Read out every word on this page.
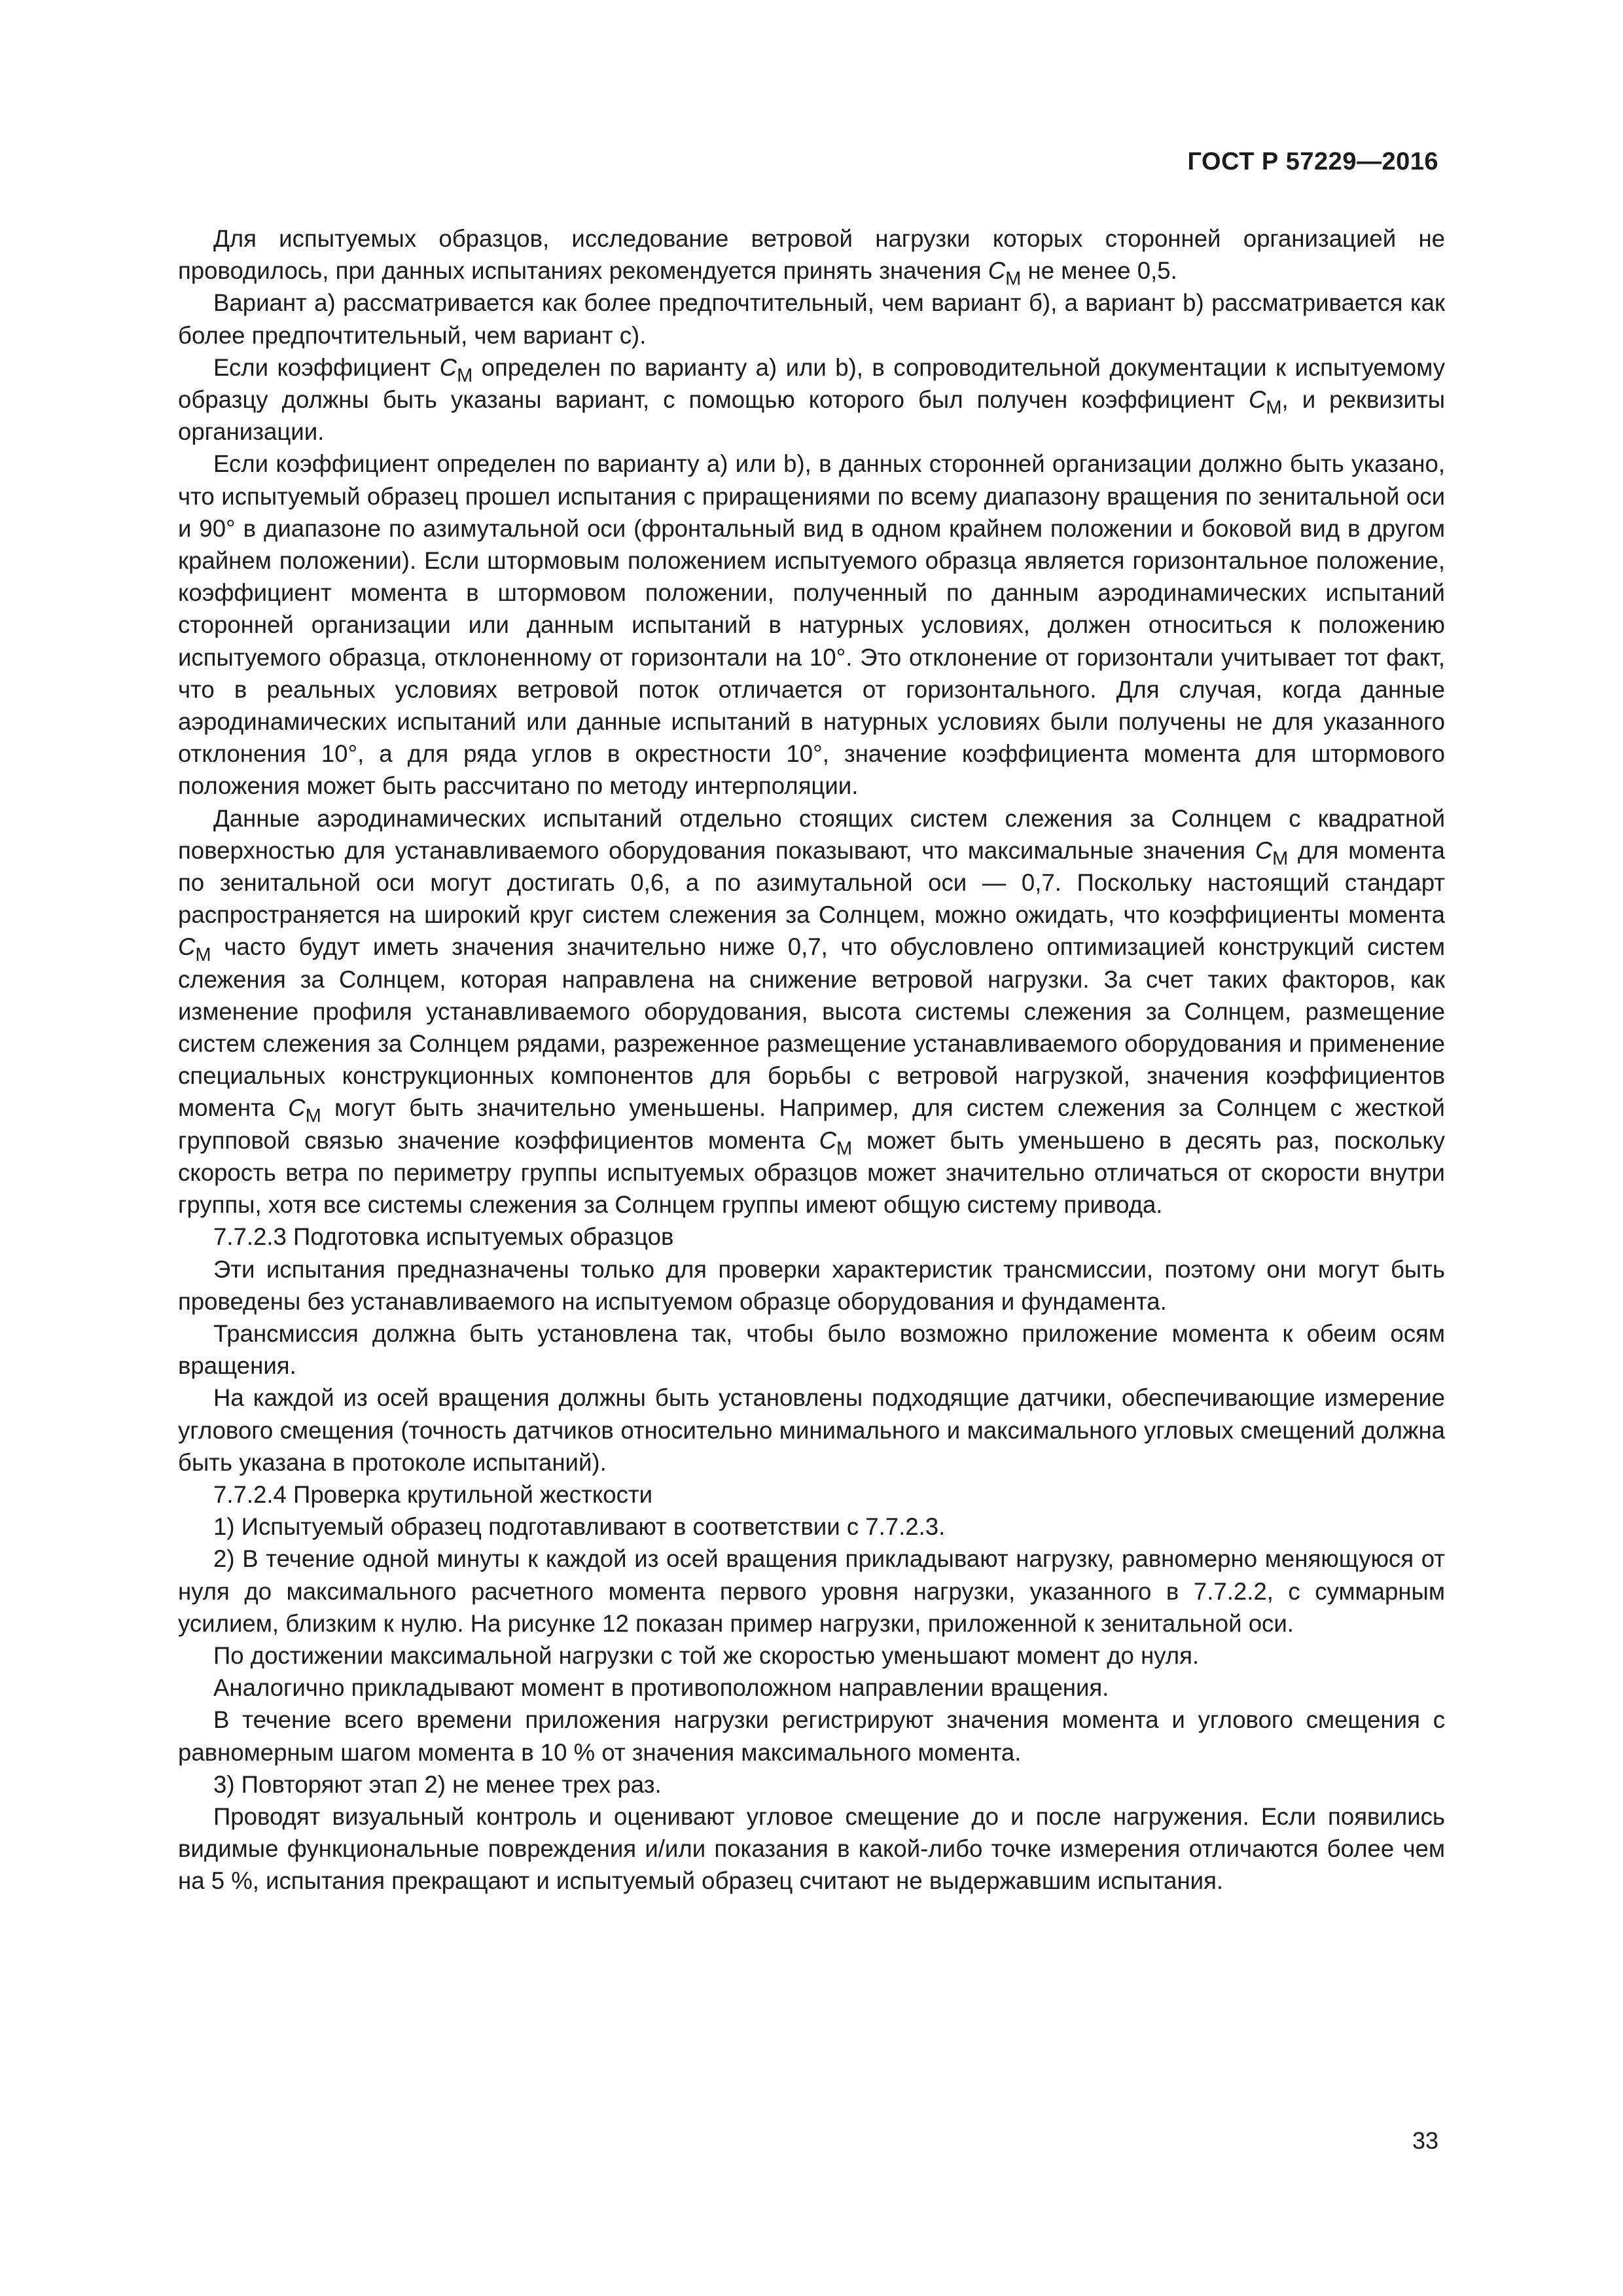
ГОСТ Р 57229—2016

Для испытуемых образцов, исследование ветровой нагрузки которых сторонней организацией не проводилось, при данных испытаниях рекомендуется принять значения $C_M$ не менее 0,5.

Вариант а) рассматривается как более предпочтительный, чем вариант б), а вариант b) рассматривается как более предпочтительный, чем вариант с).

Если коэффициент $C_M$ определен по варианту а) или b), в сопроводительной документации к испытуемому образцу должны быть указаны вариант, с помощью которого был получен коэффициент $C_M$, и реквизиты организации.

Если коэффициент определен по варианту а) или b), в данных сторонней организации должно быть указано, что испытуемый образец прошел испытания с приращениями по всему диапазону вращения по зенитальной оси и 90° в диапазоне по азимутальной оси (фронтальный вид в одном крайнем положении и боковой вид в другом крайнем положении). Если штормовым положением испытуемого образца является горизонтальное положение, коэффициент момента в штормовом положении, полученный по данным аэродинамических испытаний сторонней организации или данным испытаний в натурных условиях, должен относиться к положению испытуемого образца, отклоненному от горизонтали на 10°. Это отклонение от горизонтали учитывает тот факт, что в реальных условиях ветровой поток отличается от горизонтального. Для случая, когда данные аэродинамических испытаний или данные испытаний в натурных условиях были получены не для указанного отклонения 10°, а для ряда углов в окрестности 10°, значение коэффициента момента для штормового положения может быть рассчитано по методу интерполяции.

Данные аэродинамических испытаний отдельно стоящих систем слежения за Солнцем с квадратной поверхностью для устанавливаемого оборудования показывают, что максимальные значения $C_M$ для момента по зенитальной оси могут достигать 0,6, а по азимутальной оси — 0,7. Поскольку настоящий стандарт распространяется на широкий круг систем слежения за Солнцем, можно ожидать, что коэффициенты момента $C_M$ часто будут иметь значения значительно ниже 0,7, что обусловлено оптимизацией конструкций систем слежения за Солнцем, которая направлена на снижение ветровой нагрузки. За счет таких факторов, как изменение профиля устанавливаемого оборудования, высота системы слежения за Солнцем, размещение систем слежения за Солнцем рядами, разреженное размещение устанавливаемого оборудования и применение специальных конструкционных компонентов для борьбы с ветровой нагрузкой, значения коэффициентов момента $C_M$ могут быть значительно уменьшены. Например, для систем слежения за Солнцем с жесткой групповой связью значение коэффициентов момента $C_M$ может быть уменьшено в десять раз, поскольку скорость ветра по периметру группы испытуемых образцов может значительно отличаться от скорости внутри группы, хотя все системы слежения за Солнцем группы имеют общую систему привода.

7.7.2.3 Подготовка испытуемых образцов

Эти испытания предназначены только для проверки характеристик трансмиссии, поэтому они могут быть проведены без устанавливаемого на испытуемом образце оборудования и фундамента.

Трансмиссия должна быть установлена так, чтобы было возможно приложение момента к обеим осям вращения.

На каждой из осей вращения должны быть установлены подходящие датчики, обеспечивающие измерение углового смещения (точность датчиков относительно минимального и максимального угловых смещений должна быть указана в протоколе испытаний).

7.7.2.4 Проверка крутильной жесткости

1) Испытуемый образец подготавливают в соответствии с 7.7.2.3.

2) В течение одной минуты к каждой из осей вращения прикладывают нагрузку, равномерно меняющуюся от нуля до максимального расчетного момента первого уровня нагрузки, указанного в 7.7.2.2, с суммарным усилием, близким к нулю. На рисунке 12 показан пример нагрузки, приложенной к зенитальной оси.

По достижении максимальной нагрузки с той же скоростью уменьшают момент до нуля.

Аналогично прикладывают момент в противоположном направлении вращения.

В течение всего времени приложения нагрузки регистрируют значения момента и углового смещения с равномерным шагом момента в 10 % от значения максимального момента.

3) Повторяют этап 2) не менее трех раз.

Проводят визуальный контроль и оценивают угловое смещение до и после нагружения. Если появились видимые функциональные повреждения и/или показания в какой-либо точке измерения отличаются более чем на 5 %, испытания прекращают и испытуемый образец считают не выдержавшим испытания.

33
